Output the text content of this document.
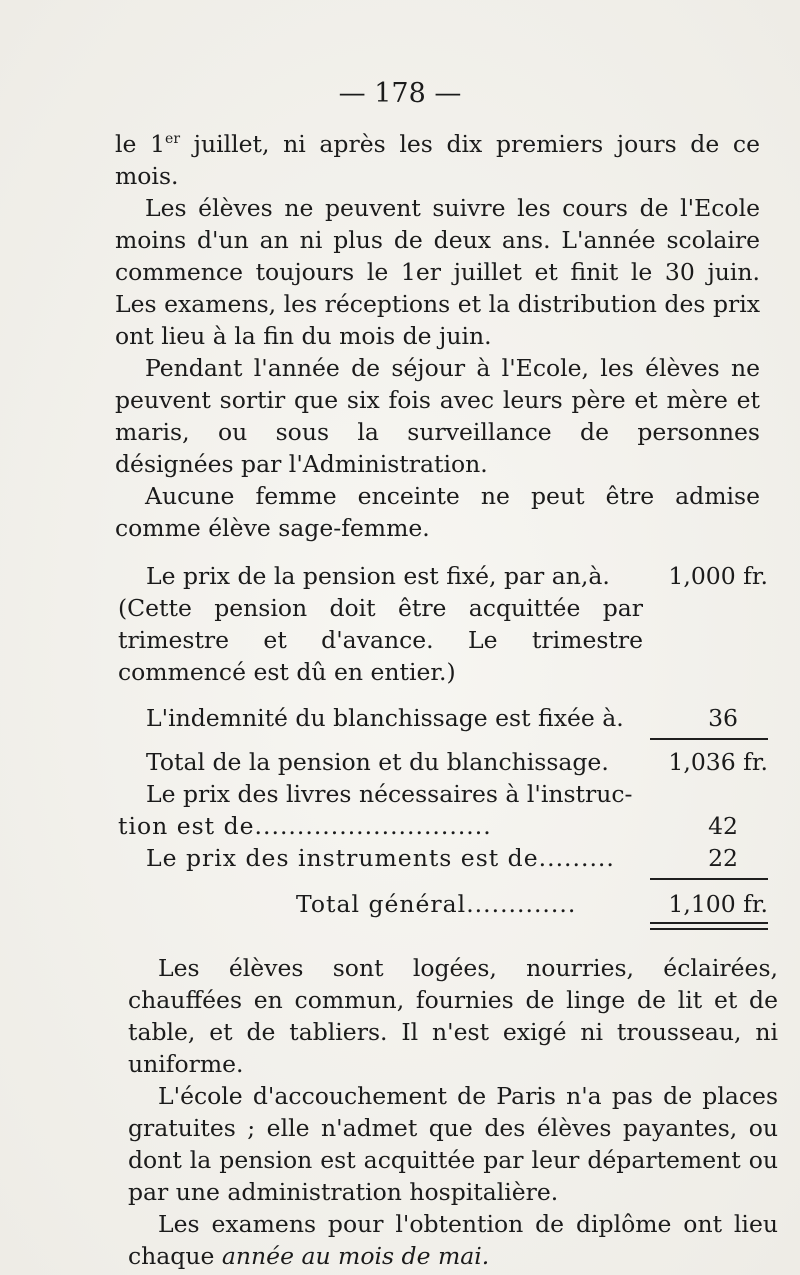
— 178 —

le 1er juillet, ni après les dix premiers jours de ce mois.

Les élèves ne peuvent suivre les cours de l'Ecole moins d'un an ni plus de deux ans. L'année scolaire commence toujours le 1er juillet et finit le 30 juin. Les examens, les réceptions et la distribution des prix ont lieu à la fin du mois de juin.

Pendant l'année de séjour à l'Ecole, les élèves ne peuvent sortir que six fois avec leurs père et mère et maris, ou sous la surveillance de personnes désignées par l'Administration.

Aucune femme enceinte ne peut être admise comme élève sage-femme.

Le prix de la pension est fixé, par an,à.	1,000 fr.
(Cette pension doit être acquittée par trimestre et d'avance. Le trimestre commencé est dû en entier.)
L'indemnité du blanchissage est fixée à.	36
Total de la pension et du blanchissage.	1,036 fr.
Le prix des livres nécessaires à l'instruc-
tion est de............................	42
Le prix des instruments est de.........	22
Total général.............	1,100 fr.

Les élèves sont logées, nourries, éclairées, chauffées en commun, fournies de linge de lit et de table, et de tabliers. Il n'est exigé ni trousseau, ni uniforme.

L'école d'accouchement de Paris n'a pas de places gratuites ; elle n'admet que des élèves payantes, ou dont la pension est acquittée par leur département ou par une administration hospitalière.

Les examens pour l'obtention de diplôme ont lieu chaque année au mois de mai.
